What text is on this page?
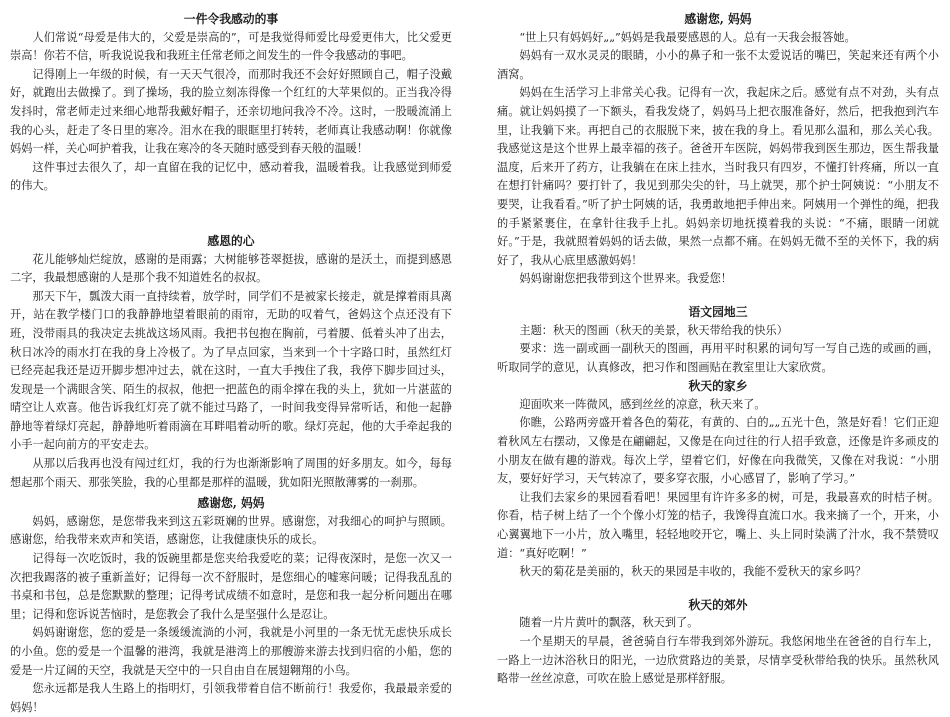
一件令我感动的事

人们常说“母爱是伟大的，父爱是崇高的”，可是我觉得师爱比母爱更伟大，比父爱更崇高！你若不信，听我说说我和我班主任常老师之间发生的一件令我感动的事吧。

记得刚上一年级的时候，有一天天气很冷，而那时我还不会好好照顾自己，帽子没戴好，就跑出去做操了。到了操场，我的脸立刻冻得像一个红红的大苹果似的。正当我冷得发抖时，常老师走过来细心地帮我戴好帽子，还亲切地问我冷不冷。这时，一股暖流涌上我的心头，赶走了冬日里的寒冷。泪水在我的眼眶里打转转，老师真让我感动啊！你就像妈妈一样，关心呵护着我，让我在寒冷的冬天随时感受到春天般的温暖！

这件事过去很久了，却一直留在我的记忆中，感动着我，温暖着我。让我感觉到师爱的伟大。

感恩的心

花儿能够灿烂绽放，感谢的是雨露；大树能够苍翠挺拔，感谢的是沃土，而提到感恩二字，我最想感谢的人是那个我不知道姓名的叔叔。

那天下午，瓢泼大雨一直持续着，放学时，同学们不是被家长接走，就是撑着雨具离开，站在教学楼门口的我静静地望着眼前的雨帘，无助的叹着气，爸妈这个点还没有下班，没带雨具的我决定去挑战这场风雨。我把书包抱在胸前，弓着腰、低着头冲了出去，秋日冰冷的雨水打在我的身上冷极了。为了早点回家，当来到一个十字路口时，虽然红灯已经亮起我还是迈开脚步想冲过去，就在这时，一直大手拽住了我，我停下脚步回过头，发现是一个满眼含笑、陌生的叔叔，他把一把蓝色的雨伞撑在我的头上，犹如一片湛蓝的晴空让人欢喜。他告诉我红灯亮了就不能过马路了，一时间我变得异常听话，和他一起静静地等着绿灯亮起，静静地听着雨滴在耳畔唱着动听的歌。绿灯亮起，他的大手牵起我的小手一起向前方的平安走去。

从那以后我再也没有闯过红灯，我的行为也渐渐影响了周围的好多朋友。如今，每每想起那个雨天、那张笑脸，我的心里都是那样的温暖，犹如阳光照散薄雾的一刹那。

感谢您, 妈妈

妈妈，感谢您，是您带我来到这五彩斑斓的世界。感谢您，对我细心的呵护与照顾。感谢您，给我带来欢声和笑语，感谢您，让我健康快乐的成长。

记得每一次吃饭时，我的饭碗里都是您夹给我爱吃的菜；记得夜深时，是您一次又一次把我踢落的被子重新盖好；记得每一次不舒服时，是您细心的嘘寒问暖；记得我乱乱的书桌和书包，总是您默默的整理；记得考试成绩不如意时，是您和我一起分析问题出在哪里；记得和您诉说苦恼时，是您教会了我什么是坚强什么是忍让。

妈妈谢谢您，您的爱是一条缓缓流淌的小河，我就是小河里的一条无忧无虑快乐成长的小鱼。您的爱是一个温馨的港湾，我就是港湾上的那艘游来游去找到归宿的小船，您的爱是一片辽阔的天空，我就是天空中的一只自由自在展翅翱翔的小鸟。

您永远都是我人生路上的指明灯，引领我带着自信不断前行！我爱你，我最最亲爱的妈妈！

感谢您, 妈妈

“世上只有妈妈好„„”妈妈是我最要感恩的人。总有一天我会报答她。

妈妈有一双水灵灵的眼睛，小小的鼻子和一张不太爱说话的嘴巴，笑起来还有两个小酒窝。

妈妈在生活学习上非常关心我。记得有一次，我起床之后。感觉有点不对劲，头有点痛。就让妈妈摸了一下额头，看我发烧了，妈妈马上把衣服准备好，然后，把我抱到汽车里，让我躺下来。再把自己的衣服脱下来，披在我的身上。看见那么温和，那么关心我。我感觉这是这个世界上最幸福的孩子。爸爸开车医院，妈妈带我到医生那边，医生帮我量温度，后来开了药方，让我躺在在床上挂水，当时我只有四岁，不懂打针疼痛，所以一直在想打针痛吗？要打针了，我见到那尖尖的针，马上就哭，那个护士阿姨说：“小朋友不要哭，让我看看。”听了护士阿姨的话，我勇敢地把手伸出来。阿姨用一个弹性的绳，把我的手紧紧裹住，在拿针往我手上扎。妈妈亲切地抚摸着我的头说：“不痛，眼睛一闭就好。”于是，我就照着妈妈的话去做，果然一点都不痛。在妈妈无微不至的关怀下，我的病好了，我从心底里感激妈妈！

妈妈谢谢您把我带到这个世界来。我爱您！

语文园地三

主题：秋天的图画（秋天的美景，秋天带给我的快乐）

要求：选一副或画一副秋天的图画，再用平时积累的词句写一写自己选的或画的画，听取同学的意见，认真修改，把习作和图画贴在教室里让大家欣赏。

秋天的家乡

迎面吹来一阵微风，感到丝丝的凉意，秋天来了。

你瞧，公路两旁盛开着各色的菊花，有黄的、白的„„五光十色，煞是好看！它们正迎着秋风左右摆动，又像是在翩翩起，又像是在向过往的行人招手致意，还像是许多顽皮的小朋友在做有趣的游戏。每次上学，望着它们，好像在向我微笑，又像在对我说：“小朋友，要好好学习，天气转凉了，要多穿衣服，小心感冒了，影响了学习。”

让我们去家乡的果园看看吧！果园里有许许多多的树，可是，我最喜欢的时桔子树。你看，桔子树上结了一个个像小灯笼的桔子，我馋得直流口水。我来摘了一个，开来，小心翼翼地下一小片，放入嘴里，轻轻地咬开它，嘴上、头上同时染满了汁水，我不禁赞叹道：“真好吃啊！”

秋天的菊花是美丽的，秋天的果园是丰收的，我能不爱秋天的家乡吗？

秋天的郊外

随着一片片黄叶的飘落，秋天到了。

一个星期天的早晨，爸爸骑自行车带我到郊外游玩。我悠闲地坐在爸爸的自行车上，一路上一边沐浴秋日的阳光，一边欣赏路边的美景，尽情享受秋带给我的快乐。虽然秋风略带一丝丝凉意，可吹在脸上感觉是那样舒服。
